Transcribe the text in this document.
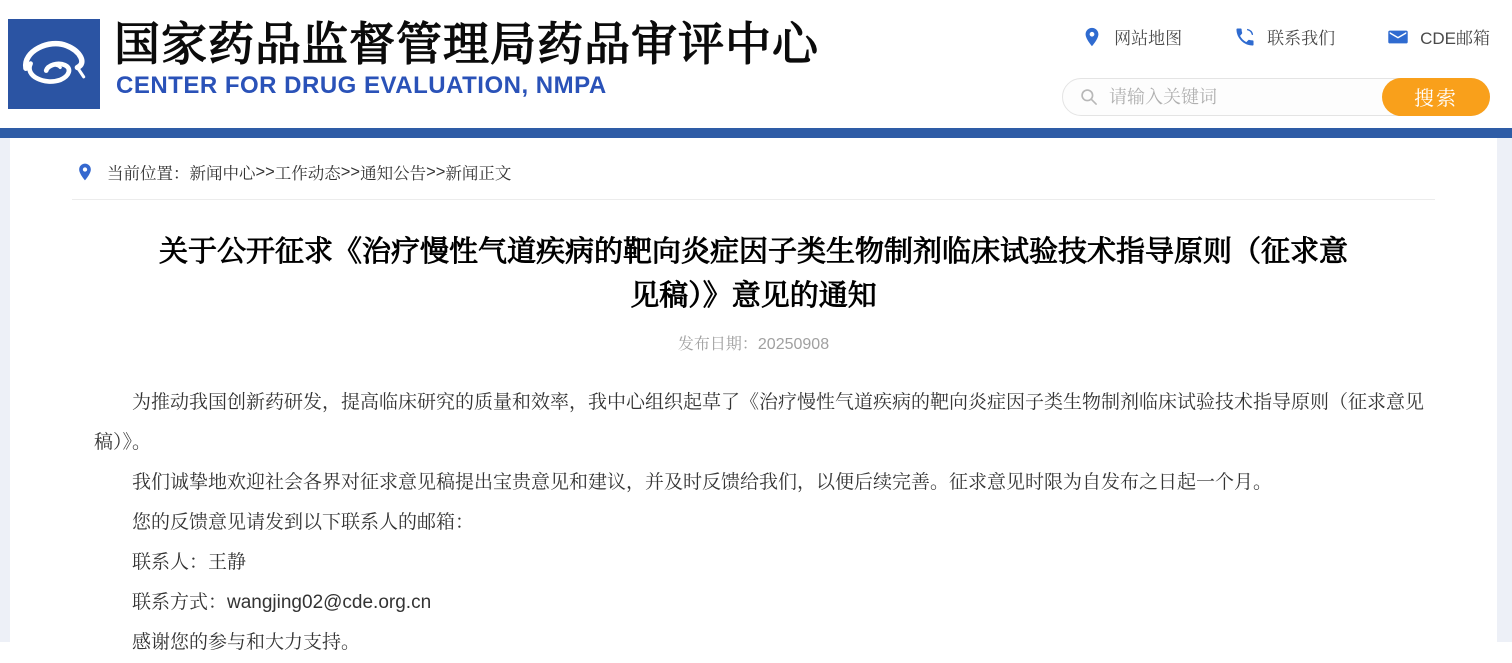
国家药品监督管理局药品审评中心
CENTER FOR DRUG EVALUATION, NMPA
网站地图	联系我们	CDE邮箱
请输入关键词
搜索
当前位置： 新闻中心 >> 工作动态 >> 通知公告 >> 新闻正文
关于公开征求《治疗慢性气道疾病的靶向炎症因子类生物制剂临床试验技术指导原则（征求意见稿）》意见的通知
发布日期：20250908

为推动我国创新药研发，提高临床研究的质量和效率，我中心组织起草了《治疗慢性气道疾病的靶向炎症因子类生物制剂临床试验技术指导原则（征求意见稿）》。

我们诚挚地欢迎社会各界对征求意见稿提出宝贵意见和建议，并及时反馈给我们，以便后续完善。征求意见时限为自发布之日起一个月。

您的反馈意见请发到以下联系人的邮箱：

联系人：王静

联系方式：wangjing02@cde.org.cn

感谢您的参与和大力支持。
